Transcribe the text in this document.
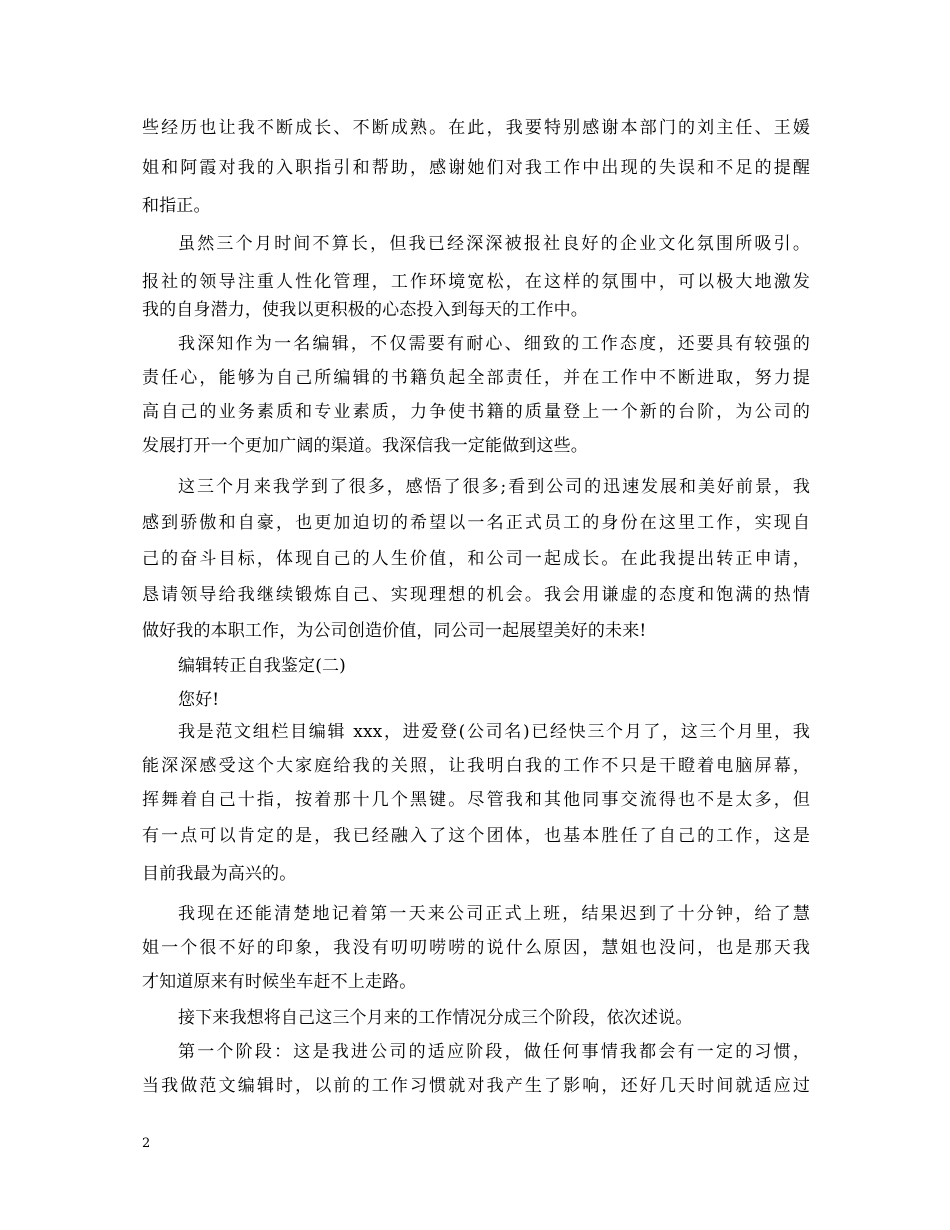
些经历也让我不断成长、不断成熟。在此，我要特别感谢本部门的刘主任、王媛
姐和阿霞对我的入职指引和帮助，感谢她们对我工作中出现的失误和不足的提醒
和指正。
虽然三个月时间不算长，但我已经深深被报社良好的企业文化氛围所吸引。
报社的领导注重人性化管理，工作环境宽松，在这样的氛围中，可以极大地激发
我的自身潜力，使我以更积极的心态投入到每天的工作中。
我深知作为一名编辑，不仅需要有耐心、细致的工作态度，还要具有较强的
责任心，能够为自己所编辑的书籍负起全部责任，并在工作中不断进取，努力提
高自己的业务素质和专业素质，力争使书籍的质量登上一个新的台阶，为公司的
发展打开一个更加广阔的渠道。我深信我一定能做到这些。
这三个月来我学到了很多，感悟了很多;看到公司的迅速发展和美好前景，我
感到骄傲和自豪，也更加迫切的希望以一名正式员工的身份在这里工作，实现自
己的奋斗目标，体现自己的人生价值，和公司一起成长。在此我提出转正申请，
恳请领导给我继续锻炼自己、实现理想的机会。我会用谦虚的态度和饱满的热情
做好我的本职工作，为公司创造价值，同公司一起展望美好的未来!
编辑转正自我鉴定(二)
您好!
我是范文组栏目编辑 xxx，进爱登(公司名)已经快三个月了，这三个月里，我
能深深感受这个大家庭给我的关照，让我明白我的工作不只是干瞪着电脑屏幕，
挥舞着自己十指，按着那十几个黑键。尽管我和其他同事交流得也不是太多，但
有一点可以肯定的是，我已经融入了这个团体，也基本胜任了自己的工作，这是
目前我最为高兴的。
我现在还能清楚地记着第一天来公司正式上班，结果迟到了十分钟，给了慧
姐一个很不好的印象，我没有叨叨唠唠的说什么原因，慧姐也没问，也是那天我
才知道原来有时候坐车赶不上走路。
接下来我想将自己这三个月来的工作情况分成三个阶段，依次述说。
第一个阶段：这是我进公司的适应阶段，做任何事情我都会有一定的习惯，
当我做范文编辑时，以前的工作习惯就对我产生了影响，还好几天时间就适应过
2
